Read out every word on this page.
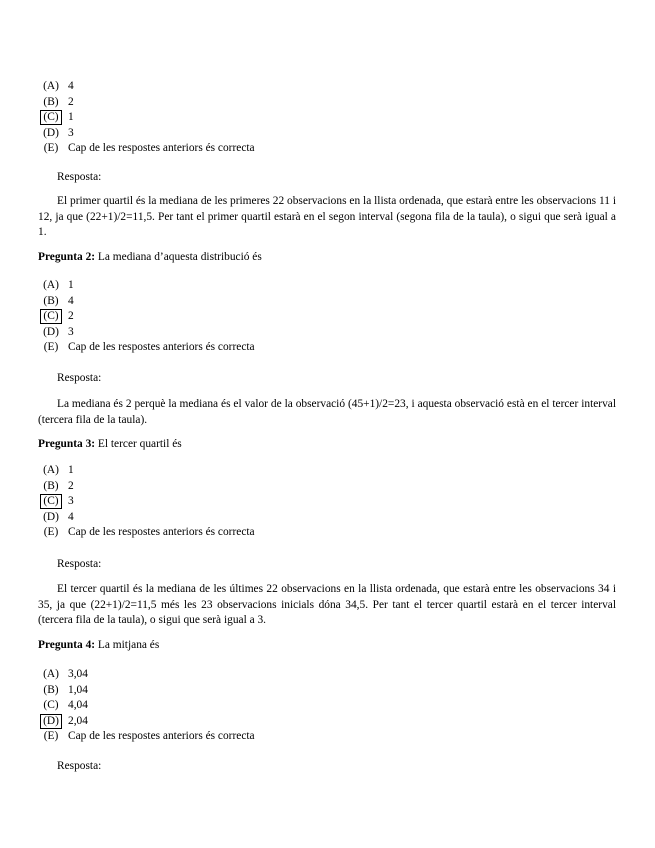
(A) 4
(B) 2
(C) 1
(D) 3
(E) Cap de les respostes anteriors és correcta
Resposta:

El primer quartil és la mediana de les primeres 22 observacions en la llista ordenada, que estarà entre les observacions 11 i 12, ja que (22+1)/2=11,5. Per tant el primer quartil estarà en el segon interval (segona fila de la taula), o sigui que serà igual a 1.

Pregunta 2: La mediana d’aquesta distribució és
(A) 1
(B) 4
(C) 2
(D) 3
(E) Cap de les respostes anteriors és correcta
Resposta:

La mediana és 2 perquè la mediana és el valor de la observació (45+1)/2=23, i aquesta observació està en el tercer interval (tercera fila de la taula).

Pregunta 3: El tercer quartil és
(A) 1
(B) 2
(C) 3
(D) 4
(E) Cap de les respostes anteriors és correcta
Resposta:

El tercer quartil és la mediana de les últimes 22 observacions en la llista ordenada, que estarà entre les observacions 34 i 35, ja que (22+1)/2=11,5 més les 23 observacions inicials dóna 34,5. Per tant el tercer quartil estarà en el tercer interval (tercera fila de la taula), o sigui que serà igual a 3.

Pregunta 4: La mitjana és
(A) 3,04
(B) 1,04
(C) 4,04
(D) 2,04
(E) Cap de les respostes anteriors és correcta
Resposta:
